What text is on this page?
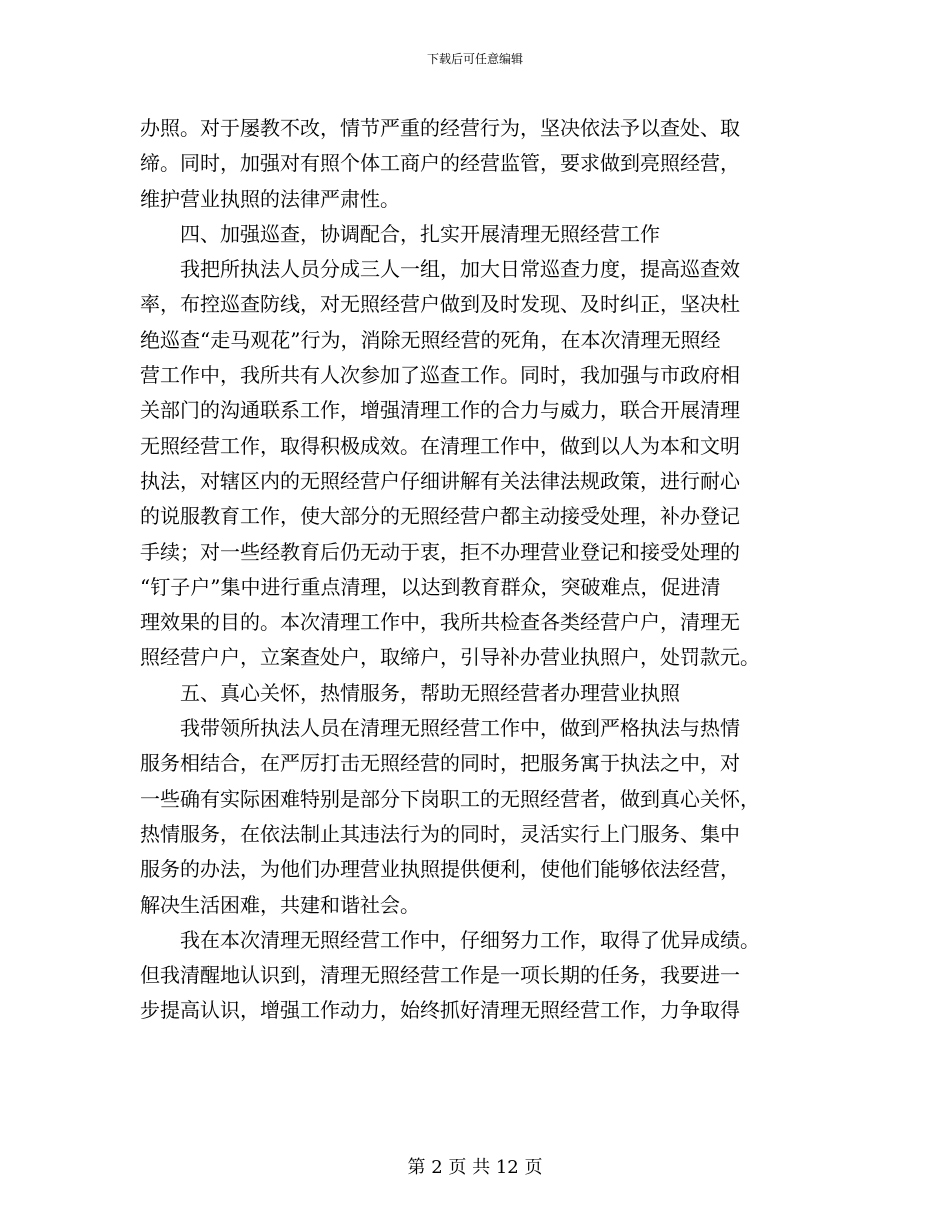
下载后可任意编辑
办照。对于屡教不改，情节严重的经营行为，坚决依法予以查处、取
缔。同时，加强对有照个体工商户的经营监管，要求做到亮照经营，
维护营业执照的法律严肃性。
四、加强巡查，协调配合，扎实开展清理无照经营工作
我把所执法人员分成三人一组，加大日常巡查力度，提高巡查效
率，布控巡查防线，对无照经营户做到及时发现、及时纠正，坚决杜
绝巡查“走马观花”行为，消除无照经营的死角，在本次清理无照经
营工作中，我所共有人次参加了巡查工作。同时，我加强与市政府相
关部门的沟通联系工作，增强清理工作的合力与威力，联合开展清理
无照经营工作，取得积极成效。在清理工作中，做到以人为本和文明
执法，对辖区内的无照经营户仔细讲解有关法律法规政策，进行耐心
的说服教育工作，使大部分的无照经营户都主动接受处理，补办登记
手续；对一些经教育后仍无动于衷，拒不办理营业登记和接受处理的
“钉子户”集中进行重点清理，以达到教育群众，突破难点，促进清
理效果的目的。本次清理工作中，我所共检查各类经营户户，清理无
照经营户户，立案查处户，取缔户，引导补办营业执照户，处罚款元。
五、真心关怀，热情服务，帮助无照经营者办理营业执照
我带领所执法人员在清理无照经营工作中，做到严格执法与热情
服务相结合，在严厉打击无照经营的同时，把服务寓于执法之中，对
一些确有实际困难特别是部分下岗职工的无照经营者，做到真心关怀，
热情服务，在依法制止其违法行为的同时，灵活实行上门服务、集中
服务的办法，为他们办理营业执照提供便利，使他们能够依法经营，
解决生活困难，共建和谐社会。
我在本次清理无照经营工作中，仔细努力工作，取得了优异成绩。
但我清醒地认识到，清理无照经营工作是一项长期的任务，我要进一
步提高认识，增强工作动力，始终抓好清理无照经营工作，力争取得
第 2 页 共 12 页
